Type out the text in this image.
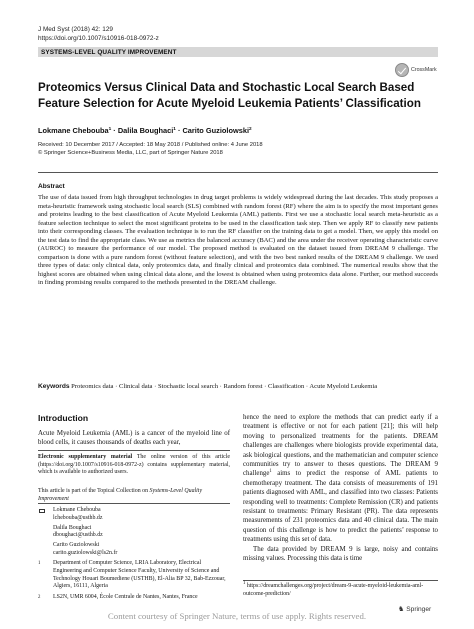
J Med Syst (2018) 42: 129
https://doi.org/10.1007/s10916-018-0972-z
SYSTEMS-LEVEL QUALITY IMPROVEMENT
CrossMark
Proteomics Versus Clinical Data and Stochastic Local Search Based Feature Selection for Acute Myeloid Leukemia Patients’ Classification
Lokmane Chebouba$^1$ · Dalila Boughaci$^1$ · Carito Guziolowski$^2$
Received: 10 December 2017 / Accepted: 18 May 2018 / Published online: 4 June 2018
© Springer Science+Business Media, LLC, part of Springer Nature 2018
Abstract
The use of data issued from high throughput technologies in drug target problems is widely widespread during the last decades. This study proposes a meta-heuristic framework using stochastic local search (SLS) combined with random forest (RF) where the aim is to specify the most important genes and proteins leading to the best classification of Acute Myeloid Leukemia (AML) patients. First we use a stochastic local search meta-heuristic as a feature selection technique to select the most significant proteins to be used in the classification task step. Then we apply RF to classify new patients into their corresponding classes. The evaluation technique is to run the RF classifier on the training data to get a model. Then, we apply this model on the test data to find the appropriate class. We use as metrics the balanced accuracy (BAC) and the area under the receiver operating characteristic curve (AUROC) to measure the performance of our model. The proposed method is evaluated on the dataset issued from DREAM 9 challenge. The comparison is done with a pure random forest (without feature selection), and with the two best ranked results of the DREAM 9 challenge. We used three types of data: only clinical data, only proteomics data, and finally clinical and proteomics data combined. The numerical results show that the highest scores are obtained when using clinical data alone, and the lowest is obtained when using proteomics data alone. Further, our method succeeds in finding promising results compared to the methods presented in the DREAM challenge.
Keywords Proteomics data · Clinical data · Stochastic local search · Random forest · Classification · Acute Myeloid Leukemia
Introduction
Acute Myeloid Leukemia (AML) is a cancer of the myeloid line of blood cells, it causes thousands of deaths each year,
Electronic supplementary material The online version of this article (https://doi.org/10.1007/s10916-018-0972-z) contains supplementary material, which is available to authorized users.
This article is part of the Topical Collection on Systems-Level Quality Improvement
Lokmane Chebouba
lchebouba@usthb.dz
Dalila Boughaci
dboughaci@usthb.dz
Carito Guziolowski
carito.guziolowski@ls2n.fr
1	Department of Computer Science, LRIA Laboratory, Electrical Engineering and Computer Science Faculty, University of Science and Technology Houari Boumediene (USTHB), El-Alia BP 32, Bab-Ezzouar, Algiers, 16111, Algeria
2	LS2N, UMR 6004, École Centrale de Nantes, Nantes, France
hence the need to explore the methods that can predict early if a treatment is effective or not for each patient [21]; this will help moving to personalized treatments for the patients. DREAM challenges are challenges where biologists provide experimental data, ask biological questions, and the mathematician and computer science communities try to answer to theses questions. The DREAM 9 challenge$^1$ aims to predict the response of AML patients to chemotherapy treatment. The data consists of measurements of 191 patients diagnosed with AML, and classified into two classes: Patients responding well to treatments: Complete Remission (CR) and patients resistant to treatments: Primary Resistant (PR). The data represents measurements of 231 proteomics data and 40 clinical data. The main question of this challenge is how to predict the patients’ response to treatments using this set of data.
The data provided by DREAM 9 is large, noisy and contains missing values. Processing this data is time
$^1$ https://dreamchallenges.org/project/dream-9-acute-myeloid-leukemia-aml-outcome-prediction/
♞ Springer
Content courtesy of Springer Nature, terms of use apply. Rights reserved.
